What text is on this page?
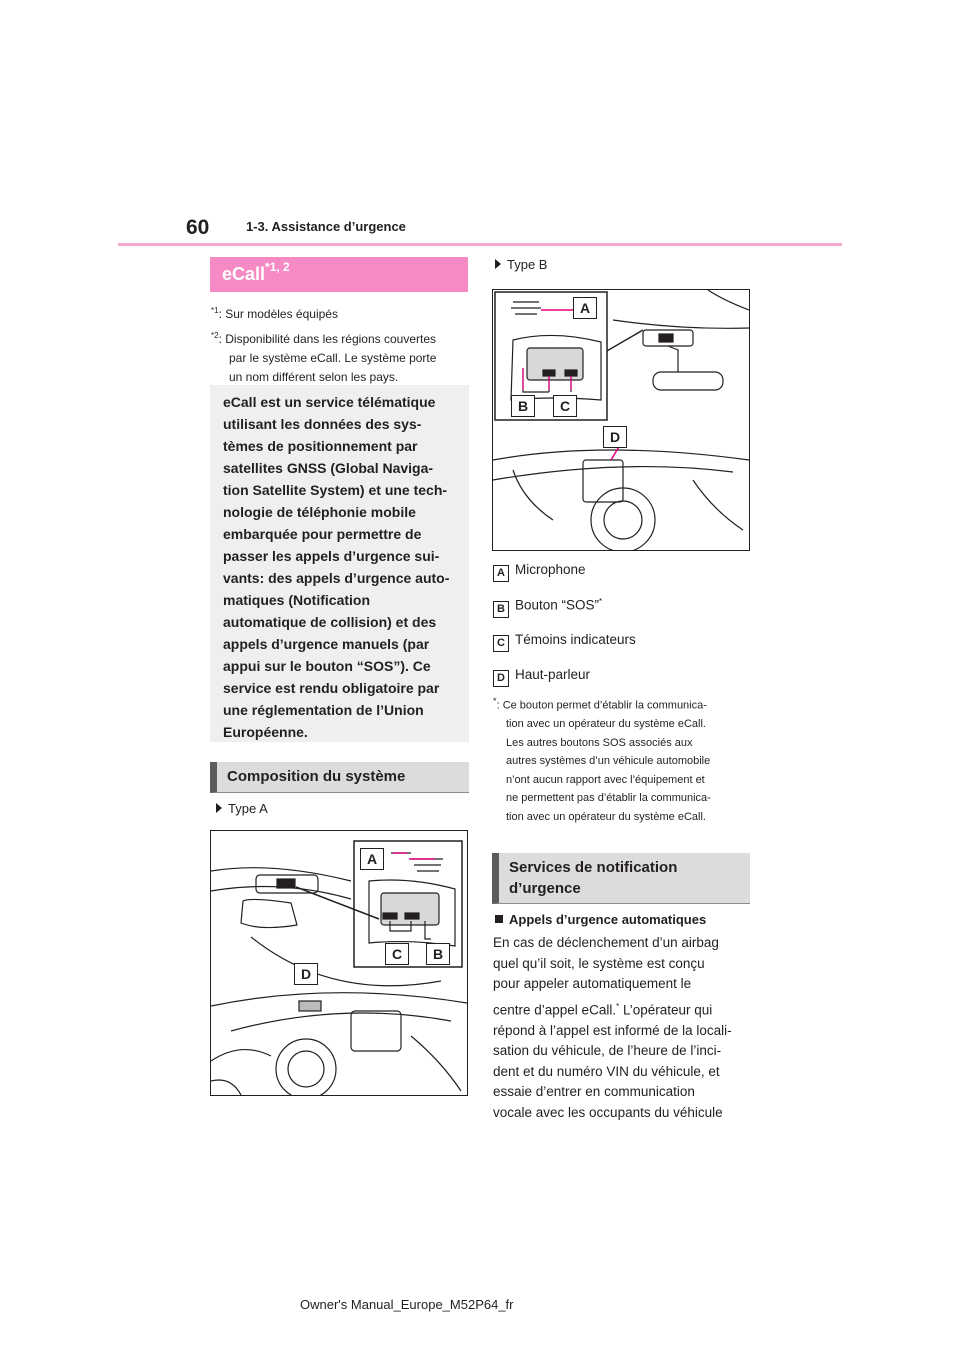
60	1-3. Assistance d’urgence
eCall$^{*1, 2}$
$^{*1}$: Sur modèles équipés
$^{*2}$: Disponibilité dans les régions couvertes
par le système eCall. Le système porte
un nom différent selon les pays.

eCall est un service télématique
utilisant les données des sys-
tèmes de positionnement par
satellites GNSS (Global Naviga-
tion Satellite System) et une tech-
nologie de téléphonie mobile
embarquée pour permettre de
passer les appels d’urgence sui-
vants: des appels d’urgence auto-
matiques (Notification
automatique de collision) et des
appels d’urgence manuels (par
appui sur le bouton “SOS”). Ce
service est rendu obligatoire par
une réglementation de l’Union
Européenne.

Composition du système
Type A
A
C	B
D
Type B
A
B	C
D
A Microphone
B Bouton “SOS”*
C Témoins indicateurs
D Haut-parleur

*: Ce bouton permet d’établir la communica-

tion avec un opérateur du système eCall.

Les autres boutons SOS associés aux

autres systèmes d’un véhicule automobile

n’ont aucun rapport avec l’équipement et

ne permettent pas d’établir la communica-

tion avec un opérateur du système eCall.

Services de notification
d’urgence
Appels d’urgence automatiques
En cas de déclenchement d’un airbag
quel qu’il soit, le système est conçu
pour appeler automatiquement le
centre d’appel eCall.* L’opérateur qui
répond à l’appel est informé de la locali-
sation du véhicule, de l’heure de l’inci-
dent et du numéro VIN du véhicule, et
essaie d’entrer en communication
vocale avec les occupants du véhicule
Owner's Manual_Europe_M52P64_fr
